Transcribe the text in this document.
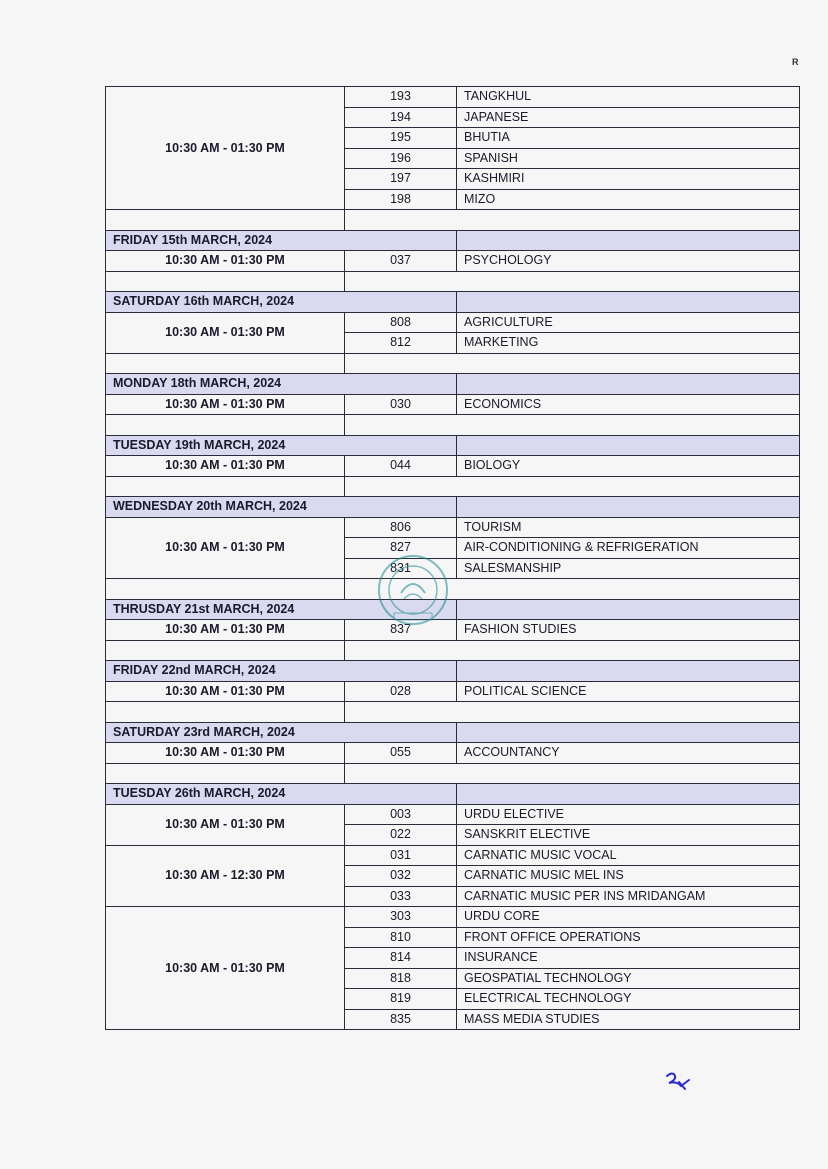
R
10:30 AM - 01:30 PM	193	TANGKHUL
	194	JAPANESE
	195	BHUTIA
	196	SPANISH
	197	KASHMIRI
	198	MIZO

FRIDAY 15th MARCH, 2024		
10:30 AM - 01:30 PM	037	PSYCHOLOGY

SATURDAY 16th MARCH, 2024		
10:30 AM - 01:30 PM	808	AGRICULTURE
	812	MARKETING

MONDAY 18th MARCH, 2024		
10:30 AM - 01:30 PM	030	ECONOMICS

TUESDAY 19th MARCH, 2024		
10:30 AM - 01:30 PM	044	BIOLOGY

WEDNESDAY 20th MARCH, 2024		
10:30 AM - 01:30 PM	806	TOURISM
	827	AIR-CONDITIONING & REFRIGERATION
	831	SALESMANSHIP

THRUSDAY 21st MARCH, 2024		
10:30 AM - 01:30 PM	837	FASHION STUDIES

FRIDAY 22nd MARCH, 2024		
10:30 AM - 01:30 PM	028	POLITICAL SCIENCE

SATURDAY 23rd MARCH, 2024		
10:30 AM - 01:30 PM	055	ACCOUNTANCY

TUESDAY 26th MARCH, 2024		
10:30 AM - 01:30 PM	003	URDU ELECTIVE
	022	SANSKRIT ELECTIVE
10:30 AM - 12:30 PM	031	CARNATIC MUSIC VOCAL
	032	CARNATIC MUSIC MEL INS
	033	CARNATIC MUSIC PER INS MRIDANGAM
10:30 AM - 01:30 PM	303	URDU CORE
	810	FRONT OFFICE OPERATIONS
	814	INSURANCE
	818	GEOSPATIAL TECHNOLOGY
	819	ELECTRICAL TECHNOLOGY
	835	MASS MEDIA STUDIES
